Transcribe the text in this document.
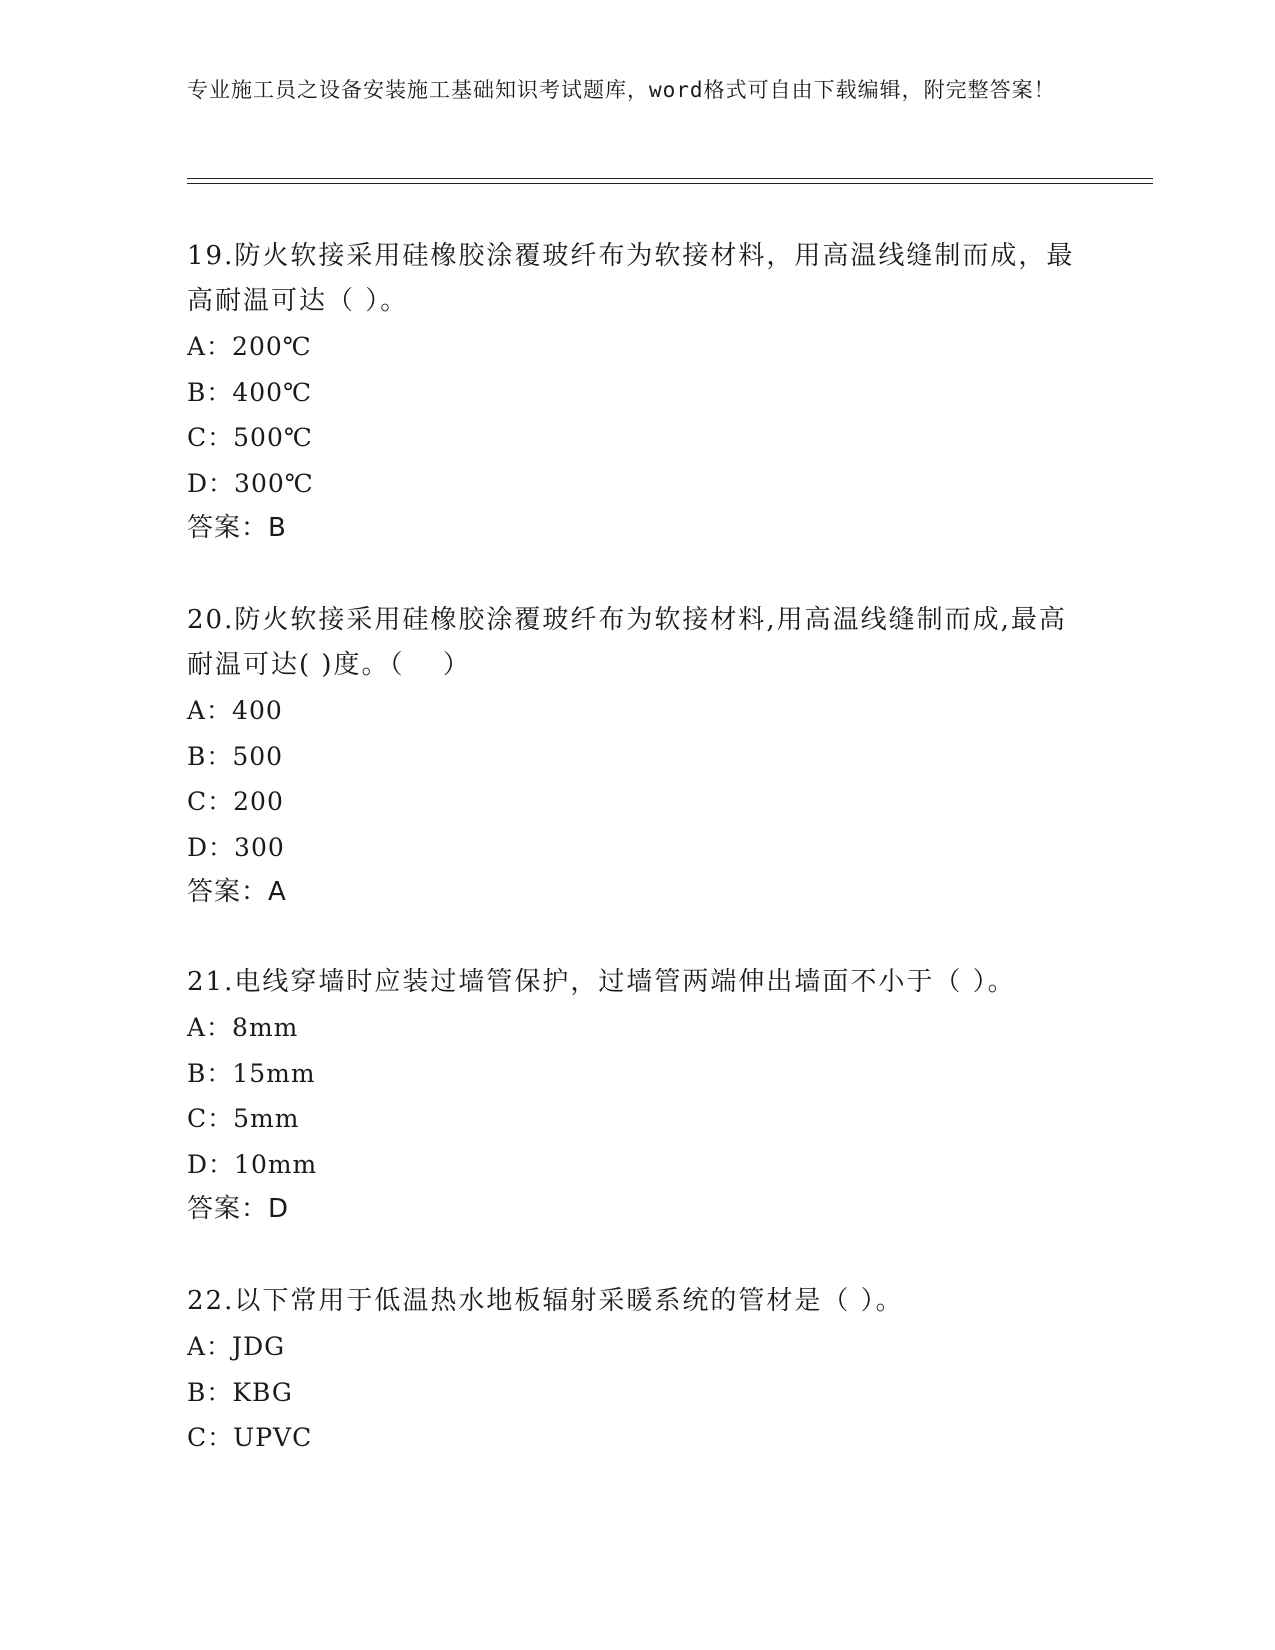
专业施工员之设备安装施工基础知识考试题库，word格式可自由下载编辑，附完整答案！

19.防火软接采用硅橡胶涂覆玻纤布为软接材料，用高温线缝制而成，最高耐温可达（ ）。

A：200℃

B：400℃

C：500℃

D：300℃

答案：B

20.防火软接采用硅橡胶涂覆玻纤布为软接材料,用高温线缝制而成,最高耐温可达( )度。（　 ）

A：400

B：500

C：200

D：300

答案：A

21.电线穿墙时应装过墙管保护，过墙管两端伸出墙面不小于（ ）。

A：8mm

B：15mm

C：5mm

D：10mm

答案：D

22.以下常用于低温热水地板辐射采暖系统的管材是（ ）。

A：JDG

B：KBG

C：UPVC
